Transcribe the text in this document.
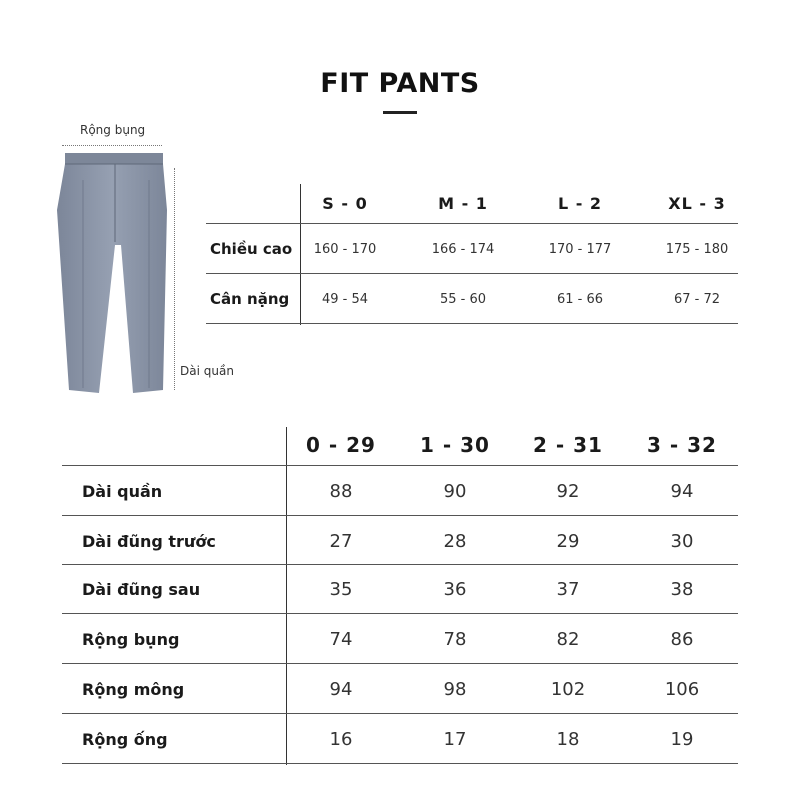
FIT PANTS
Rộng bụng
Dài quần
S - 0	M - 1	L - 2	XL - 3
Chiều cao	160 - 170	166 - 174	170 - 177	175 - 180
Cân nặng	49 - 54	55 - 60	61 - 66	67 - 72
0 - 29	1 - 30	2 - 31	3 - 32
Dài quần	88	90	92	94
Dài đũng trước	27	28	29	30
Dài đũng sau	35	36	37	38
Rộng bụng	74	78	82	86
Rộng mông	94	98	102	106
Rộng ống	16	17	18	19
